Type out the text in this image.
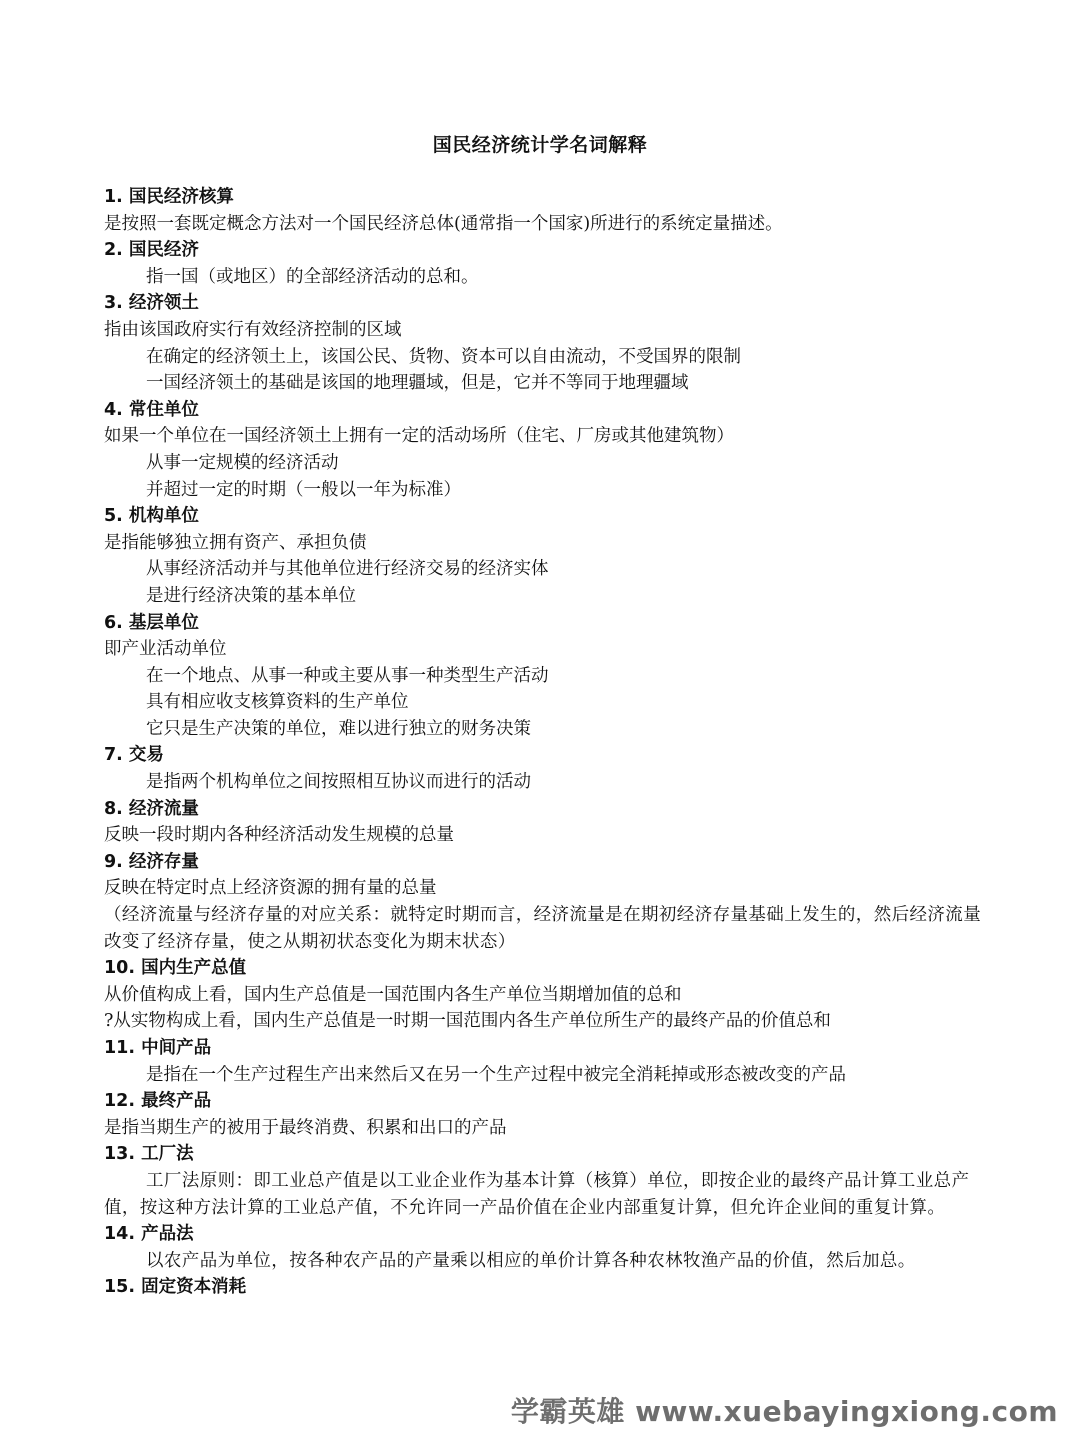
国民经济统计学名词解释
1. 国民经济核算
是按照一套既定概念方法对一个国民经济总体(通常指一个国家)所进行的系统定量描述。
2. 国民经济
指一国（或地区）的全部经济活动的总和。
3. 经济领土
指由该国政府实行有效经济控制的区域
在确定的经济领土上，该国公民、货物、资本可以自由流动，不受国界的限制
一国经济领土的基础是该国的地理疆域，但是，它并不等同于地理疆域
4. 常住单位
如果一个单位在一国经济领土上拥有一定的活动场所（住宅、厂房或其他建筑物）
从事一定规模的经济活动
并超过一定的时期（一般以一年为标准）
5. 机构单位
是指能够独立拥有资产、承担负债
从事经济活动并与其他单位进行经济交易的经济实体
是进行经济决策的基本单位
6. 基层单位
即产业活动单位
在一个地点、从事一种或主要从事一种类型生产活动
具有相应收支核算资料的生产单位
它只是生产决策的单位，难以进行独立的财务决策
7. 交易
是指两个机构单位之间按照相互协议而进行的活动
8. 经济流量
反映一段时期内各种经济活动发生规模的总量
9. 经济存量
反映在特定时点上经济资源的拥有量的总量
（经济流量与经济存量的对应关系：就特定时期而言，经济流量是在期初经济存量基础上发生的，然后经济流量改变了经济存量，使之从期初状态变化为期末状态）
10. 国内生产总值
从价值构成上看，国内生产总值是一国范围内各生产单位当期增加值的总和
?从实物构成上看，国内生产总值是一时期一国范围内各生产单位所生产的最终产品的价值总和
11. 中间产品
是指在一个生产过程生产出来然后又在另一个生产过程中被完全消耗掉或形态被改变的产品
12. 最终产品
是指当期生产的被用于最终消费、积累和出口的产品
13. 工厂法
工厂法原则：即工业总产值是以工业企业作为基本计算（核算）单位，即按企业的最终产品计算工业总产值，按这种方法计算的工业总产值，不允许同一产品价值在企业内部重复计算，但允许企业间的重复计算。
14. 产品法
以农产品为单位，按各种农产品的产量乘以相应的单价计算各种农林牧渔产品的价值，然后加总。
15. 固定资本消耗
学霸英雄 www.xuebayingxiong.com
